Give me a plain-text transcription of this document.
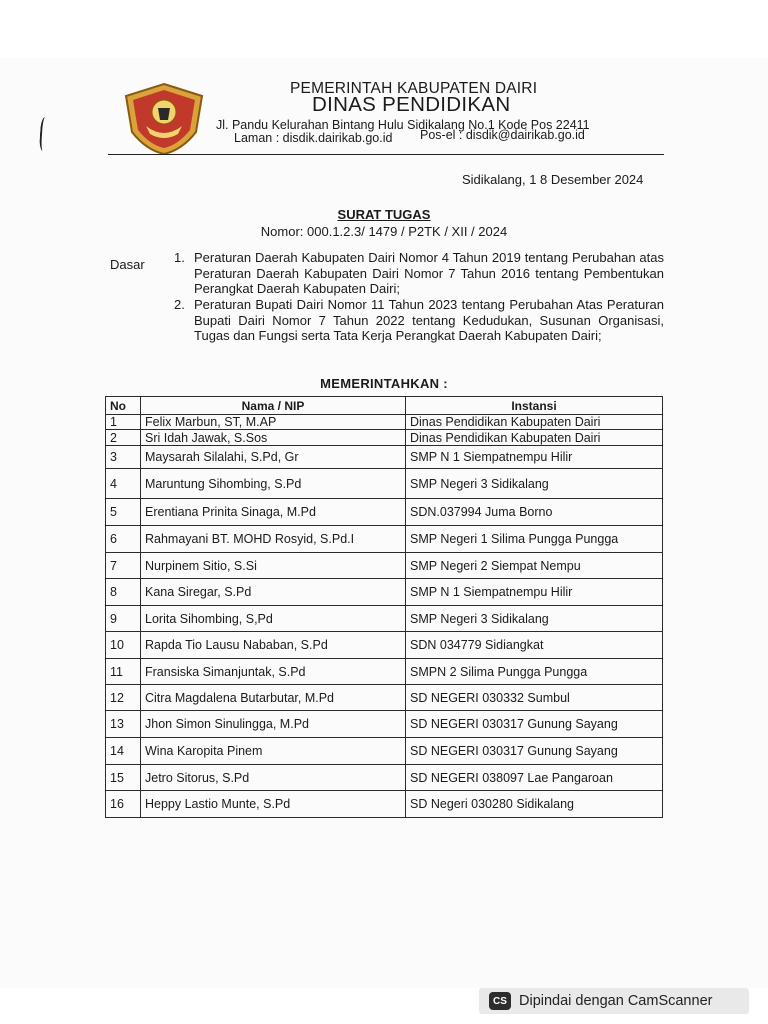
PEMERINTAH KABUPATEN DAIRI
DINAS PENDIDIKAN
Jl. Pandu Kelurahan Bintang Hulu Sidikalang No.1 Kode Pos 22411
Laman : disdik.dairikab.go.id Pos-el : disdik@dairikab.go.id
Sidikalang, 1 8 Desember 2024
SURAT TUGAS
Nomor: 000.1.2.3/ 1479 / P2TK / XII / 2024
Dasar 1. Peraturan Daerah Kabupaten Dairi Nomor 4 Tahun 2019 tentang Perubahan atas Peraturan Daerah Kabupaten Dairi Nomor 7 Tahun 2016 tentang Pembentukan Perangkat Daerah Kabupaten Dairi;
2. Peraturan Bupati Dairi Nomor 11 Tahun 2023 tentang Perubahan Atas Peraturan Bupati Dairi Nomor 7 Tahun 2022 tentang Kedudukan, Susunan Organisasi, Tugas dan Fungsi serta Tata Kerja Perangkat Daerah Kabupaten Dairi;
MEMERINTAHKAN :
No	Nama / NIP	Instansi
1	Felix Marbun, ST, M.AP	Dinas Pendidikan Kabupaten Dairi
2	Sri Idah Jawak, S.Sos	Dinas Pendidikan Kabupaten Dairi
3	Maysarah Silalahi, S.Pd, Gr	SMP N 1 Siempatnempu Hilir
4	Maruntung Sihombing, S.Pd	SMP Negeri 3 Sidikalang
5	Erentiana Prinita Sinaga, M.Pd	SDN.037994 Juma Borno
6	Rahmayani BT. MOHD Rosyid, S.Pd.I	SMP Negeri 1 Silima Pungga Pungga
7	Nurpinem Sitio, S.Si	SMP Negeri 2 Siempat Nempu
8	Kana Siregar, S.Pd	SMP N 1 Siempatnempu Hilir
9	Lorita Sihombing, S,Pd	SMP Negeri 3 Sidikalang
10	Rapda Tio Lausu Nababan, S.Pd	SDN 034779 Sidiangkat
11	Fransiska Simanjuntak, S.Pd	SMPN 2 Silima Pungga Pungga
12	Citra Magdalena Butarbutar, M.Pd	SD NEGERI 030332 Sumbul
13	Jhon Simon Sinulingga, M.Pd	SD NEGERI 030317 Gunung Sayang
14	Wina Karopita Pinem	SD NEGERI 030317 Gunung Sayang
15	Jetro Sitorus, S.Pd	SD NEGERI 038097 Lae Pangaroan
16	Heppy Lastio Munte, S.Pd	SD Negeri 030280 Sidikalang
CS Dipindai dengan CamScanner
